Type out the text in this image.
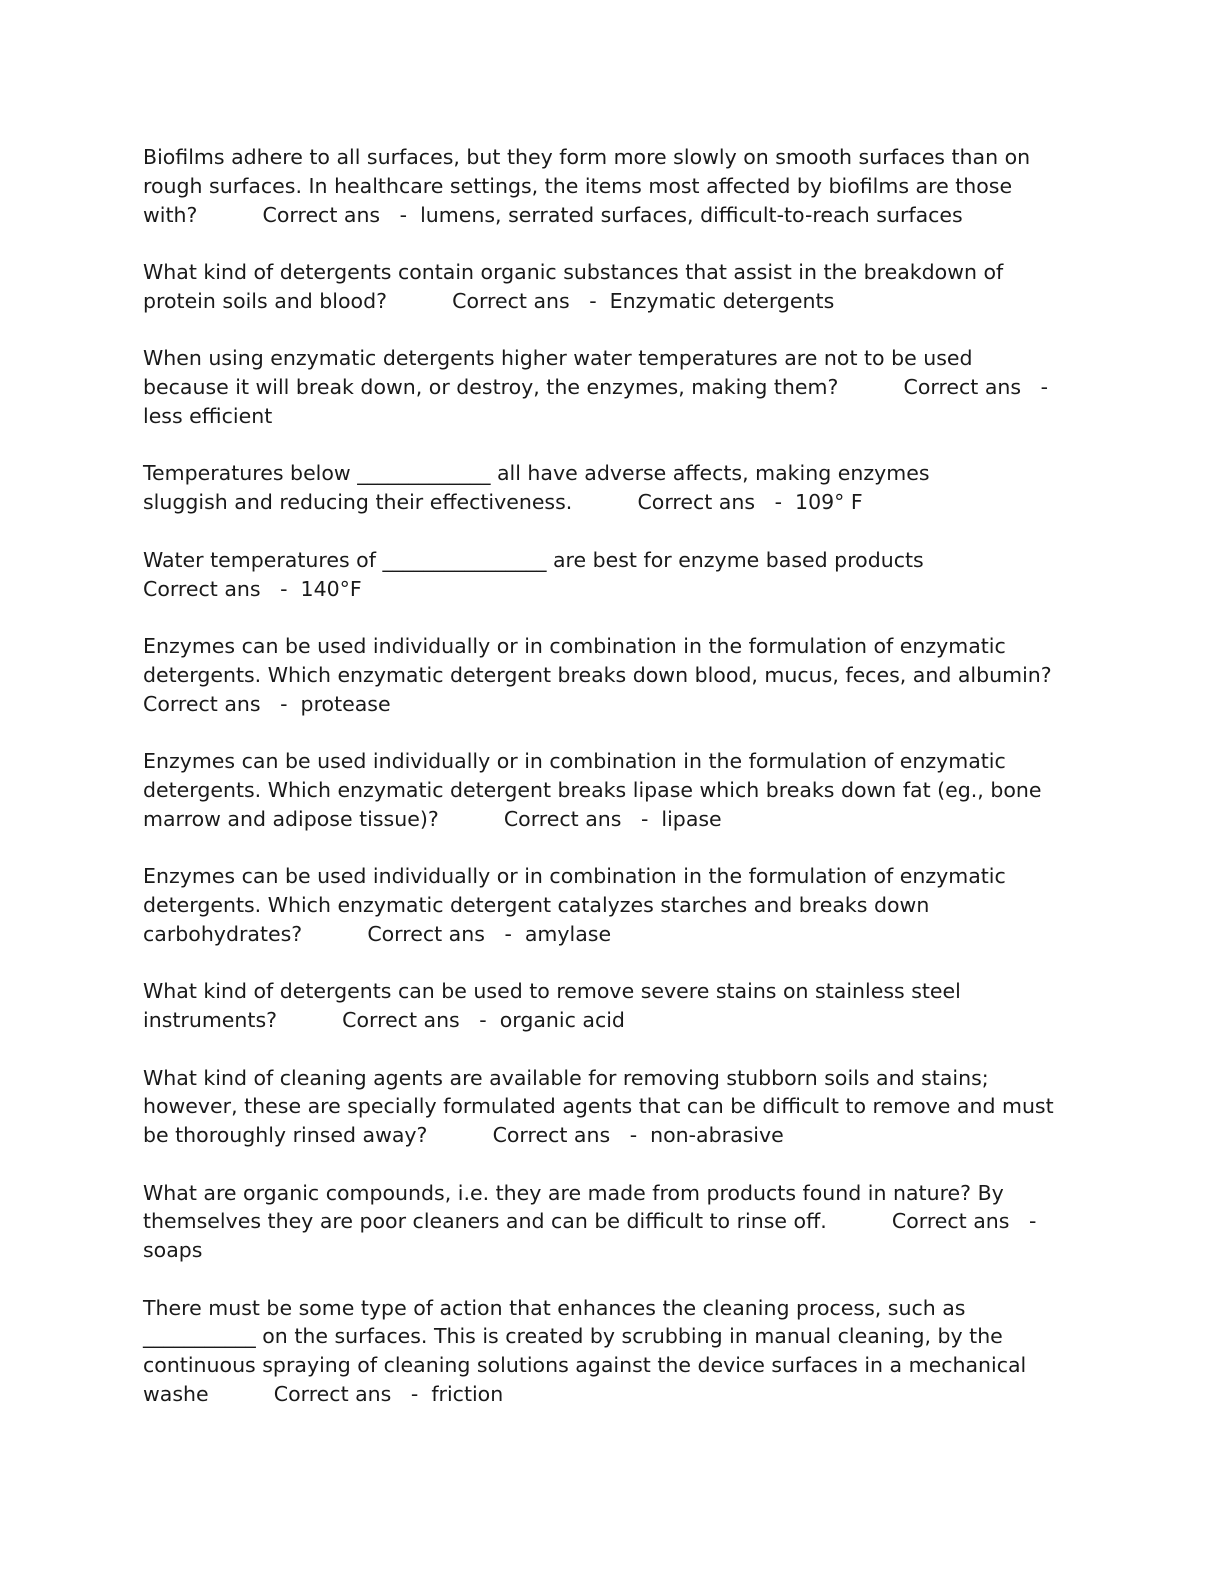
Biofilms adhere to all surfaces, but they form more slowly on smooth surfaces than on
rough surfaces. In healthcare settings, the items most affected by biofilms are those
with?          Correct ans   -  lumens, serrated surfaces, difficult-to-reach surfaces

What kind of detergents contain organic substances that assist in the breakdown of
protein soils and blood?          Correct ans   -  Enzymatic detergents

When using enzymatic detergents higher water temperatures are not to be used
because it will break down, or destroy, the enzymes, making them?          Correct ans   -
less efficient

Temperatures below _____________ all have adverse affects, making enzymes
sluggish and reducing their effectiveness.          Correct ans   -  109° F

Water temperatures of ________________ are best for enzyme based products
Correct ans   -  140°F

Enzymes can be used individually or in combination in the formulation of enzymatic
detergents. Which enzymatic detergent breaks down blood, mucus, feces, and albumin?
Correct ans   -  protease

Enzymes can be used individually or in combination in the formulation of enzymatic
detergents. Which enzymatic detergent breaks lipase which breaks down fat (eg., bone
marrow and adipose tissue)?          Correct ans   -  lipase

Enzymes can be used individually or in combination in the formulation of enzymatic
detergents. Which enzymatic detergent catalyzes starches and breaks down
carbohydrates?          Correct ans   -  amylase

What kind of detergents can be used to remove severe stains on stainless steel
instruments?          Correct ans   -  organic acid

What kind of cleaning agents are available for removing stubborn soils and stains;
however, these are specially formulated agents that can be difficult to remove and must
be thoroughly rinsed away?          Correct ans   -  non-abrasive

What are organic compounds, i.e. they are made from products found in nature? By
themselves they are poor cleaners and can be difficult to rinse off.          Correct ans   -
soaps

There must be some type of action that enhances the cleaning process, such as
___________ on the surfaces. This is created by scrubbing in manual cleaning, by the
continuous spraying of cleaning solutions against the device surfaces in a mechanical
washe          Correct ans   -  friction
